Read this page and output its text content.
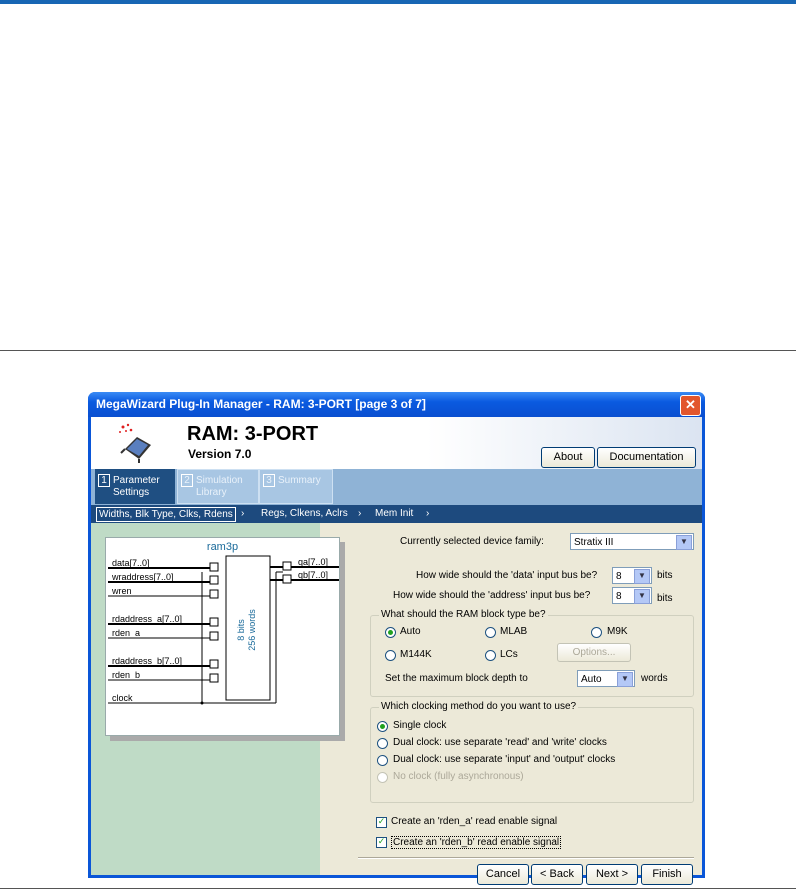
MegaWizard Plug-In Manager - RAM: 3-PORT [page 3 of 7]	✕
RAM: 3-PORT
Version 7.0	About	Documentation
1 Parameter
Settings
2 Simulation
Library
3 Summary
Widths, Blk Type, Clks, Rdens › Regs, Clkens, Aclrs › Mem Init ›
ram3p
8 bits 256 words
data[7..0]
wraddress[7..0]
wren
rdaddress_a[7..0]
rden_a
rdaddress_b[7..0]
rden_b
clock
qa[7..0]
qb[7..0]
Currently selected device family:	Stratix III	▼
How wide should the 'data' input bus be?	8	▼	bits
How wide should the 'address' input bus be?	8	▼	bits
What should the RAM block type be?
Auto	MLAB	M9K
M144K	LCs	Options...
Set the maximum block depth to	Auto	▼	words
Which clocking method do you want to use?
Single clock
Dual clock: use separate 'read' and 'write' clocks
Dual clock: use separate 'input' and 'output' clocks
No clock (fully asynchronous)
✓ Create an 'rden_a' read enable signal
✓ Create an 'rden_b' read enable signal
Cancel	< Back	Next >	Finish
